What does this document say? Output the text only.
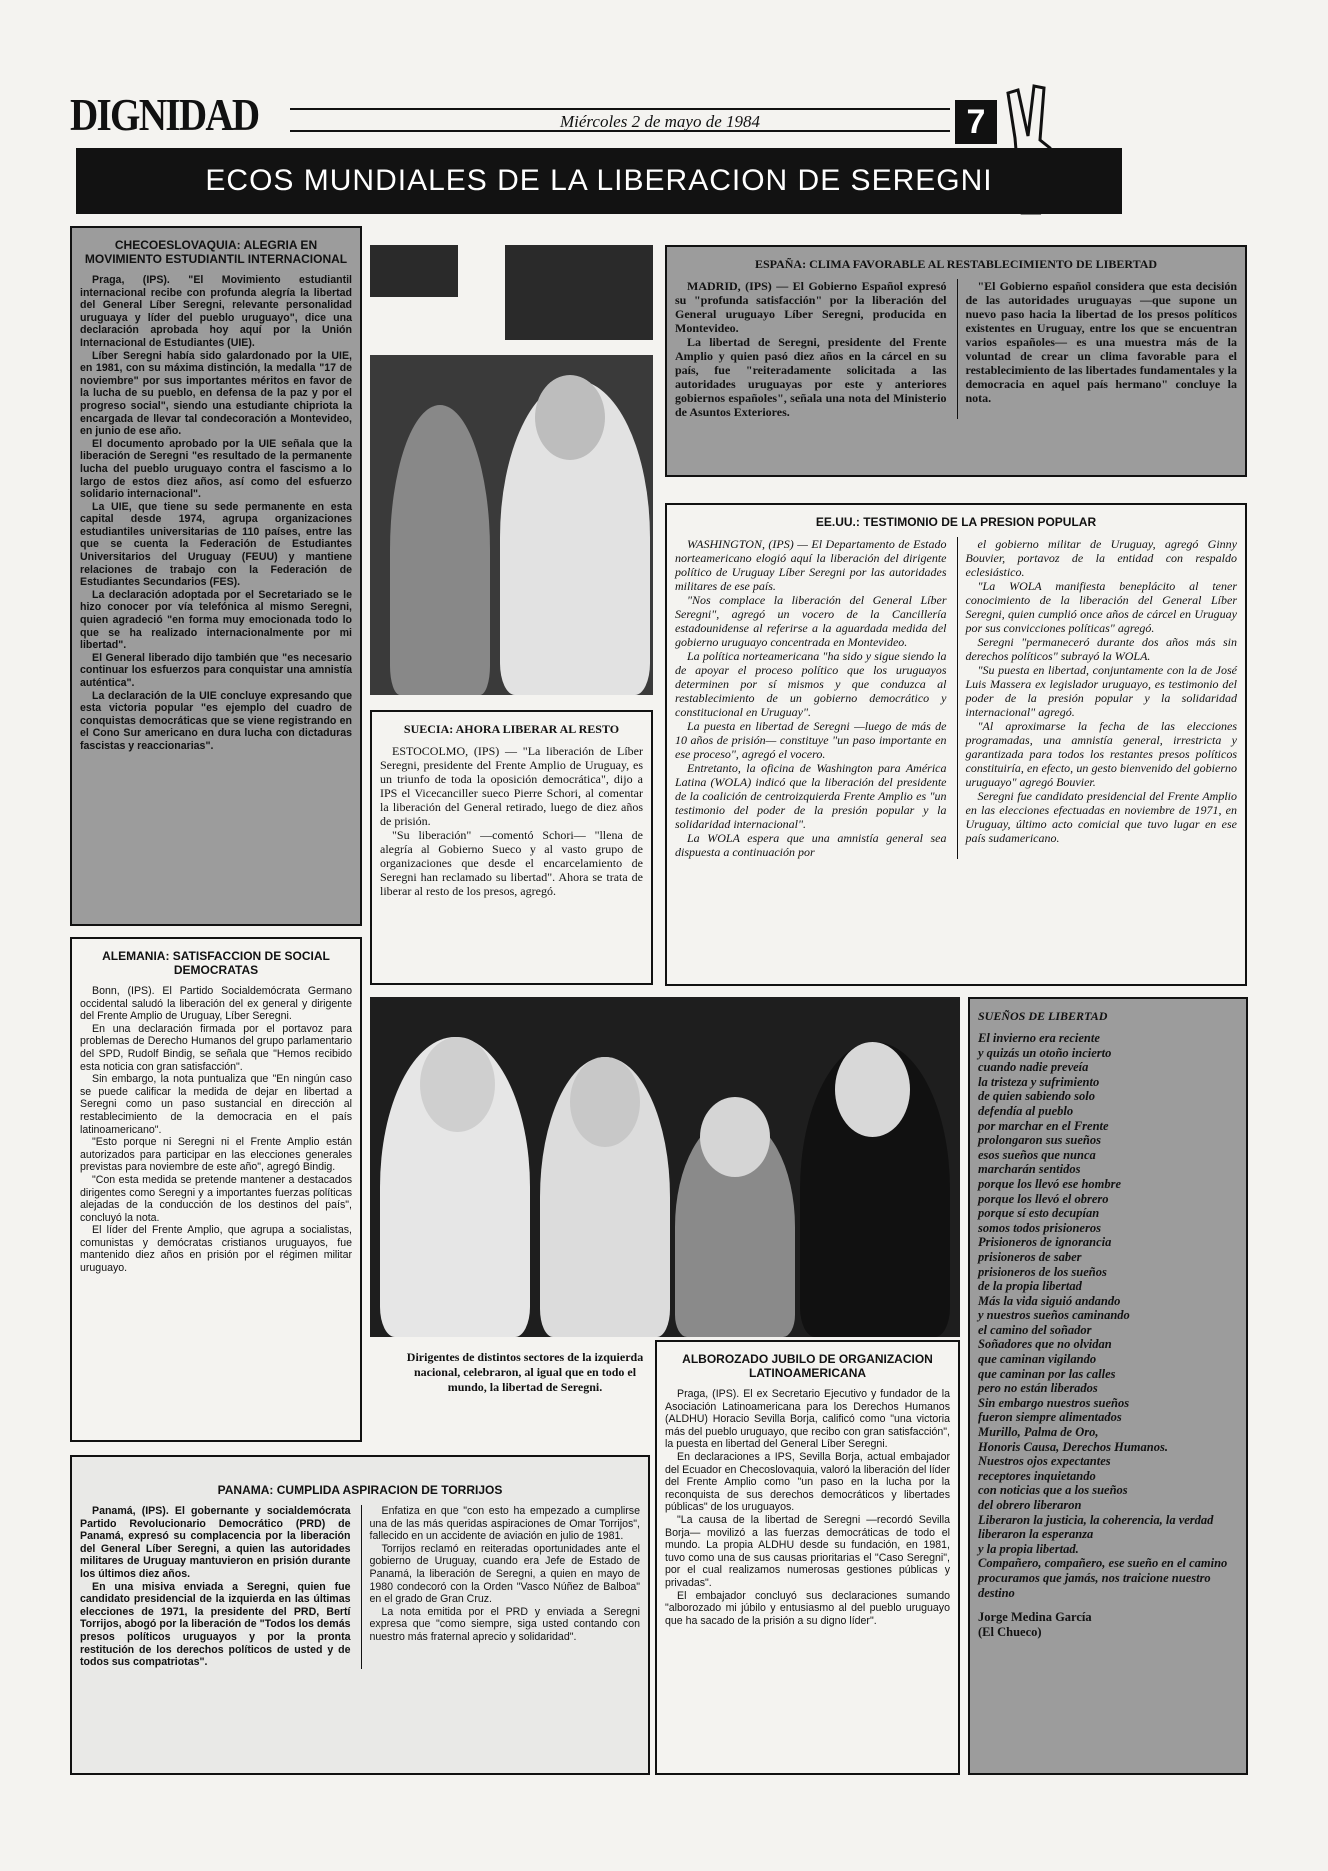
DIGNIDAD	Miércoles 2 de mayo de 1984	7
ECOS MUNDIALES DE LA LIBERACION DE SEREGNI
CHECOESLOVAQUIA: ALEGRIA EN MOVIMIENTO ESTUDIANTIL INTERNACIONAL

Praga, (IPS). "El Movimiento estudiantil internacional recibe con profunda alegría la libertad del General Líber Seregni, relevante personalidad uruguaya y líder del pueblo uruguayo", dice una declaración aprobada hoy aquí por la Unión Internacional de Estudiantes (UIE).

Líber Seregni había sido galardonado por la UIE, en 1981, con su máxima distinción, la medalla "17 de noviembre" por sus importantes méritos en favor de la lucha de su pueblo, en defensa de la paz y por el progreso social", siendo una estudiante chipriota la encargada de llevar tal condecoración a Montevideo, en junio de ese año.

El documento aprobado por la UIE señala que la liberación de Seregni "es resultado de la permanente lucha del pueblo uruguayo contra el fascismo a lo largo de estos diez años, así como del esfuerzo solidario internacional".

La UIE, que tiene su sede permanente en esta capital desde 1974, agrupa organizaciones estudiantiles universitarias de 110 países, entre las que se cuenta la Federación de Estudiantes Universitarios del Uruguay (FEUU) y mantiene relaciones de trabajo con la Federación de Estudiantes Secundarios (FES).

La declaración adoptada por el Secretariado se le hizo conocer por vía telefónica al mismo Seregni, quien agradeció "en forma muy emocionada todo lo que se ha realizado internacionalmente por mi libertad".

El General liberado dijo también que "es necesario continuar los esfuerzos para conquistar una amnistía auténtica".

La declaración de la UIE concluye expresando que esta victoria popular "es ejemplo del cuadro de conquistas democráticas que se viene registrando en el Cono Sur americano en dura lucha con dictaduras fascistas y reaccionarias".

ALEMANIA: SATISFACCION DE SOCIAL DEMOCRATAS

Bonn, (IPS). El Partido Socialdemócrata Germano occidental saludó la liberación del ex general y dirigente del Frente Amplio de Uruguay, Líber Seregni.

En una declaración firmada por el portavoz para problemas de Derecho Humanos del grupo parlamentario del SPD, Rudolf Bindig, se señala que "Hemos recibido esta noticia con gran satisfacción".

Sin embargo, la nota puntualiza que "En ningún caso se puede calificar la medida de dejar en libertad a Seregni como un paso sustancial en dirección al restablecimiento de la democracia en el país latinoamericano".

"Esto porque ni Seregni ni el Frente Amplio están autorizados para participar en las elecciones generales previstas para noviembre de este año", agregó Bindig.

"Con esta medida se pretende mantener a destacados dirigentes como Seregni y a importantes fuerzas políticas alejadas de la conducción de los destinos del país", concluyó la nota.

El líder del Frente Amplio, que agrupa a socialistas, comunistas y demócratas cristianos uruguayos, fue mantenido diez años en prisión por el régimen militar uruguayo.

SUECIA: AHORA LIBERAR AL RESTO

ESTOCOLMO, (IPS) — "La liberación de Líber Seregni, presidente del Frente Amplio de Uruguay, es un triunfo de toda la oposición democrática", dijo a IPS el Vicecanciller sueco Pierre Schori, al comentar la liberación del General retirado, luego de diez años de prisión.

"Su liberación" —comentó Schori— "llena de alegría al Gobierno Sueco y al vasto grupo de organizaciones que desde el encarcelamiento de Seregni han reclamado su libertad". Ahora se trata de liberar al resto de los presos, agregó.

ESPAÑA: CLIMA FAVORABLE AL RESTABLECIMIENTO DE LIBERTAD

MADRID, (IPS) — El Gobierno Español expresó su "profunda satisfacción" por la liberación del General uruguayo Líber Seregni, producida en Montevideo.

La libertad de Seregni, presidente del Frente Amplio y quien pasó diez años en la cárcel en su país, fue "reiteradamente solicitada a las autoridades uruguayas por este y anteriores gobiernos españoles", señala una nota del Ministerio de Asuntos Exteriores.

"El Gobierno español considera que esta decisión de las autoridades uruguayas —que supone un nuevo paso hacia la libertad de los presos políticos existentes en Uruguay, entre los que se encuentran varios españoles— es una muestra más de la voluntad de crear un clima favorable para el restablecimiento de las libertades fundamentales y la democracia en aquel país hermano" concluye la nota.

EE.UU.: TESTIMONIO DE LA PRESION POPULAR

WASHINGTON, (IPS) — El Departamento de Estado norteamericano elogió aquí la liberación del dirigente político de Uruguay Líber Seregni por las autoridades militares de ese país.

"Nos complace la liberación del General Líber Seregni", agregó un vocero de la Cancillería estadounidense al referirse a la aguardada medida del gobierno uruguayo concentrada en Montevideo.

La política norteamericana "ha sido y sigue siendo la de apoyar el proceso político que los uruguayos determinen por sí mismos y que conduzca al restablecimiento de un gobierno democrático y constitucional en Uruguay".

La puesta en libertad de Seregni —luego de más de 10 años de prisión— constituye "un paso importante en ese proceso", agregó el vocero.

Entretanto, la oficina de Washington para América Latina (WOLA) indicó que la liberación del presidente de la coalición de centroizquierda Frente Amplio es "un testimonio del poder de la presión popular y la solidaridad internacional".

La WOLA espera que una amnistía general sea dispuesta a continuación por

el gobierno militar de Uruguay, agregó Ginny Bouvier, portavoz de la entidad con respaldo eclesiástico.

"La WOLA manifiesta beneplácito al tener conocimiento de la liberación del General Líber Seregni, quien cumplió once años de cárcel en Uruguay por sus convicciones políticas" agregó.

Seregni "permaneceró durante dos años más sin derechos políticos" subrayó la WOLA.

"Su puesta en libertad, conjuntamente con la de José Luis Massera ex legislador uruguayo, es testimonio del poder de la presión popular y la solidaridad internacional" agregó.

"Al aproximarse la fecha de las elecciones programadas, una amnistía general, irrestricta y garantizada para todos los restantes presos políticos constituiría, en efecto, un gesto bienvenido del gobierno uruguayo" agregó Bouvier.

Seregni fue candidato presidencial del Frente Amplio en las elecciones efectuadas en noviembre de 1971, en Uruguay, último acto comicial que tuvo lugar en ese país sudamericano.

Dirigentes de distintos sectores de la izquierda nacional, celebraron, al igual que en todo el mundo, la libertad de Seregni.
ALBOROZADO JUBILO DE ORGANIZACION LATINOAMERICANA

Praga, (IPS). El ex Secretario Ejecutivo y fundador de la Asociación Latinoamericana para los Derechos Humanos (ALDHU) Horacio Sevilla Borja, calificó como "una victoria más del pueblo uruguayo, que recibo con gran satisfacción", la puesta en libertad del General Líber Seregni.

En declaraciones a IPS, Sevilla Borja, actual embajador del Ecuador en Checoslovaquia, valoró la liberación del líder del Frente Amplio como "un paso en la lucha por la reconquista de sus derechos democráticos y libertades públicas" de los uruguayos.

"La causa de la libertad de Seregni —recordó Sevilla Borja— movilizó a las fuerzas democráticas de todo el mundo. La propia ALDHU desde su fundación, en 1981, tuvo como una de sus causas prioritarias el "Caso Seregni", por el cual realizamos numerosas gestiones públicas y privadas".

El embajador concluyó sus declaraciones sumando "alborozado mi júbilo y entusiasmo al del pueblo uruguayo que ha sacado de la prisión a su digno líder".

SUEÑOS DE LIBERTAD

El invierno era reciente

y quizás un otoño incierto

cuando nadie preveía

la tristeza y sufrimiento

de quien sabiendo solo

defendía al pueblo

por marchar en el Frente

prolongaron sus sueños

esos sueños que nunca

marcharán sentidos

porque los llevó ese hombre

porque los llevó el obrero

porque sí esto decupían

somos todos prisioneros

Prisioneros de ignorancia

prisioneros de saber

prisioneros de los sueños

de la propia libertad

Más la vida siguió andando

y nuestros sueños caminando

el camino del soñador

Soñadores que no olvidan

que caminan vigilando

que caminan por las calles

pero no están liberados

Sin embargo nuestros sueños

fueron siempre alimentados

Murillo, Palma de Oro,

Honoris Causa, Derechos Humanos.

Nuestros ojos expectantes

receptores inquietando

con noticias que a los sueños

del obrero liberaron

Liberaron la justicia, la coherencia, la verdad

liberaron la esperanza

y la propia libertad.

Compañero, compañero, ese sueño en el camino

procuramos que jamás, nos traicione nuestro destino

Jorge Medina García

(El Chueco)

PANAMA: CUMPLIDA ASPIRACION DE TORRIJOS

Panamá, (IPS). El gobernante y socialdemócrata Partido Revolucionario Democrático (PRD) de Panamá, expresó su complacencia por la liberación del General Líber Seregni, a quien las autoridades militares de Uruguay mantuvieron en prisión durante los últimos diez años.

En una misiva enviada a Seregni, quien fue candidato presidencial de la izquierda en las últimas elecciones de 1971, la presidente del PRD, Bertí Torrijos, abogó por la liberación de "Todos los demás presos políticos uruguayos y por la pronta restitución de los derechos políticos de usted y de todos sus compatriotas".

Enfatiza en que "con esto ha empezado a cumplirse una de las más queridas aspiraciones de Omar Torrijos", fallecido en un accidente de aviación en julio de 1981.

Torrijos reclamó en reiteradas oportunidades ante el gobierno de Uruguay, cuando era Jefe de Estado de Panamá, la liberación de Seregni, a quien en mayo de 1980 condecoró con la Orden "Vasco Núñez de Balboa" en el grado de Gran Cruz.

La nota emitida por el PRD y enviada a Seregni expresa que "como siempre, siga usted contando con nuestro más fraternal aprecio y solidaridad".
